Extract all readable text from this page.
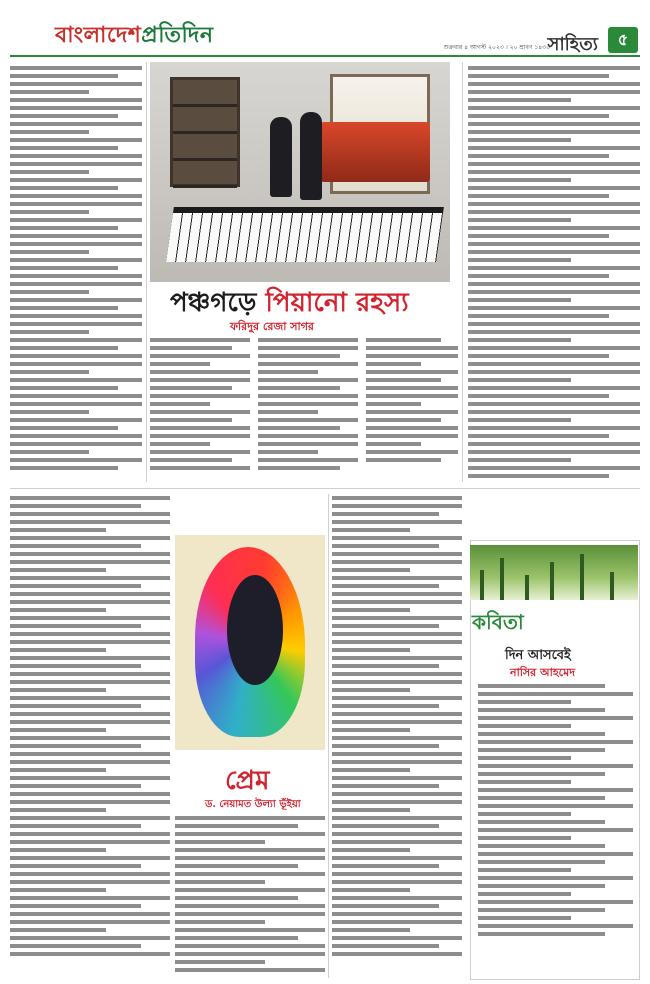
বাংলাদেশপ্রতিদিন	সাহিত্য	৫
শুক্রবার ৪ আগস্ট ২০২৩ । ২০ শ্রাবণ ১৪৩০
পঞ্চগড়ে পিয়ানো রহস্য
ফরিদুর রেজা সাগর
প্রেম
ড. নেয়ামত উল্যা ভূঁইয়া
কবিতা
দিন আসবেই
নাসির আহমেদ
